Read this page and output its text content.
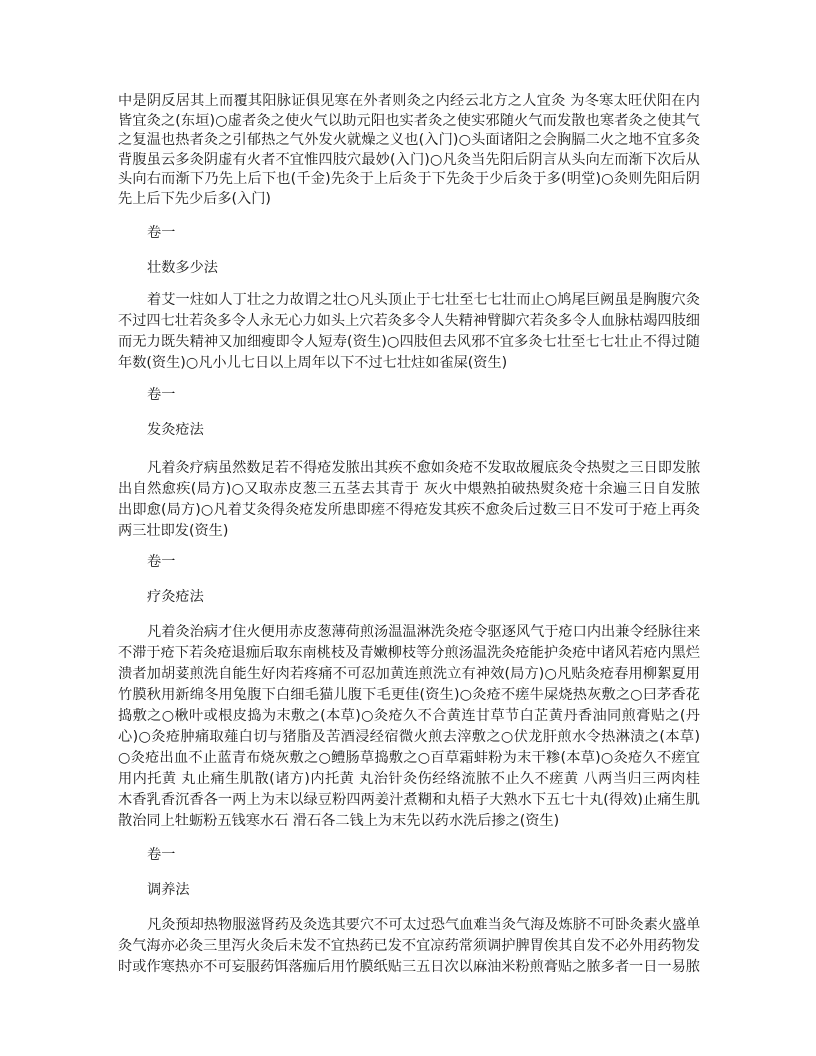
中是阴反居其上而覆其阳脉证俱见寒在外者则灸之内经云北方之人宜灸 为冬寒太旺伏阳在内
皆宜灸之(东垣)○虚者灸之使火气以助元阳也实者灸之使实邪随火气而发散也寒者灸之使其气
之复温也热者灸之引郁热之气外发火就燥之义也(入门)○头面诸阳之会胸膈二火之地不宜多灸
背腹虽云多灸阴虚有火者不宜惟四肢穴最妙(入门)○凡灸当先阳后阴言从头向左而渐下次后从
头向右而渐下乃先上后下也(千金)先灸于上后灸于下先灸于少后灸于多(明堂)○灸则先阳后阴
先上后下先少后多(入门)
卷一
壮数多少法
着艾一炷如人丁壮之力故谓之壮○凡头顶止于七壮至七七壮而止○鸠尾巨阙虽是胸腹穴灸
不过四七壮若灸多令人永无心力如头上穴若灸多令人失精神臂脚穴若灸多令人血脉枯竭四肢细
而无力既失精神又加细瘦即令人短寿(资生)○四肢但去风邪不宜多灸七壮至七七壮止不得过随
年数(资生)○凡小儿七日以上周年以下不过七壮炷如雀屎(资生)
卷一
发灸疮法
凡着灸疗病虽然数足若不得疮发脓出其疾不愈如灸疮不发取故履底灸令热熨之三日即发脓
出自然愈疾(局方)○又取赤皮葱三五茎去其青于 灰火中煨熟拍破热熨灸疮十余遍三日自发脓
出即愈(局方)○凡着艾灸得灸疮发所患即瘥不得疮发其疾不愈灸后过数三日不发可于疮上再灸
两三壮即发(资生)
卷一
疗灸疮法
凡着灸治病才住火便用赤皮葱薄荷煎汤温温淋洗灸疮令驱逐风气于疮口内出兼令经脉往来
不滞于疮下若灸疮退痂后取东南桃枝及青嫩柳枝等分煎汤温洗灸疮能护灸疮中诸风若疮内黑烂
溃者加胡荽煎洗自能生好肉若疼痛不可忍加黄连煎洗立有神效(局方)○凡贴灸疮春用柳絮夏用
竹膜秋用新绵冬用兔腹下白细毛猫儿腹下毛更佳(资生)○灸疮不瘥牛屎烧热灰敷之○曰茅香花
捣敷之○楸叶或根皮捣为末敷之(本草)○灸疮久不合黄连甘草节白芷黄丹香油同煎膏贴之(丹
心)○灸疮肿痛取薤白切与猪脂及苦酒浸经宿微火煎去滓敷之○伏龙肝煎水令热淋渍之(本草)
○灸疮出血不止蓝青布烧灰敷之○鳢肠草捣敷之○百草霜蚌粉为末干糁(本草)○灸疮久不瘥宜
用内托黄 丸止痛生肌散(诸方)内托黄 丸治针灸伤经络流脓不止久不瘥黄 八两当归三两肉桂
木香乳香沉香各一两上为末以绿豆粉四两姜汁煮糊和丸梧子大熟水下五七十丸(得效)止痛生肌
散治同上牡蛎粉五钱寒水石 滑石各二钱上为末先以药水洗后掺之(资生)
卷一
调养法
凡灸预却热物服滋肾药及灸选其要穴不可太过恐气血难当灸气海及炼脐不可卧灸素火盛单
灸气海亦必灸三里泻火灸后未发不宜热药已发不宜凉药常须调护脾胃俟其自发不必外用药物发
时或作寒热亦不可妄服药饵落痂后用竹膜纸贴三五日次以麻油米粉煎膏贴之脓多者一日一易脓
